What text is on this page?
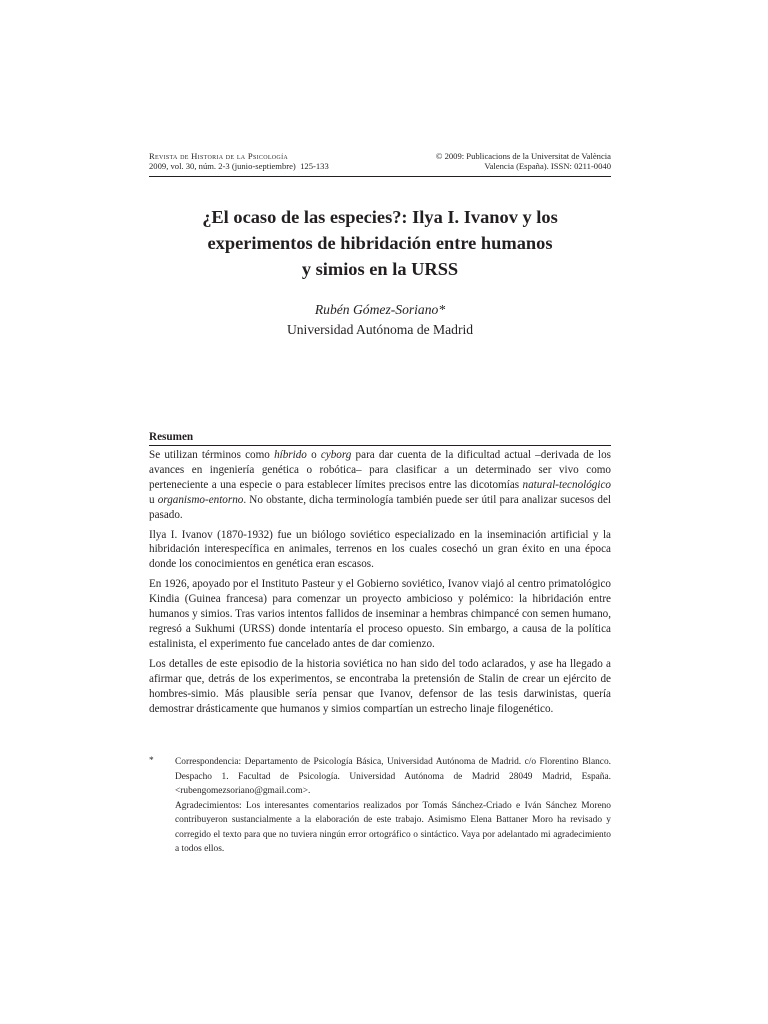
Revista de Historia de la Psicología	© 2009: Publicacions de la Universitat de València
2009, vol. 30, núm. 2-3 (junio-septiembre) 125-133	Valencia (España). ISSN: 0211-0040
¿El ocaso de las especies?: Ilya I. Ivanov y los
experimentos de hibridación entre humanos
y simios en la URSS
Rubén Gómez-Soriano*
Universidad Autónoma de Madrid
Resumen

Se utilizan términos como híbrido o cyborg para dar cuenta de la dificultad actual –derivada de los avances en ingeniería genética o robótica– para clasificar a un determinado ser vivo como perteneciente a una especie o para establecer límites precisos entre las dicotomías natural-tecnológico u organismo-entorno. No obstante, dicha terminología también puede ser útil para analizar sucesos del pasado.

Ilya I. Ivanov (1870-1932) fue un biólogo soviético especializado en la inseminación artificial y la hibridación interespecífica en animales, terrenos en los cuales cosechó un gran éxito en una época donde los conocimientos en genética eran escasos.

En 1926, apoyado por el Instituto Pasteur y el Gobierno soviético, Ivanov viajó al centro primatológico Kindia (Guinea francesa) para comenzar un proyecto ambicioso y polémico: la hibridación entre humanos y simios. Tras varios intentos fallidos de inseminar a hembras chimpancé con semen humano, regresó a Sukhumi (URSS) donde intentaría el proceso opuesto. Sin embargo, a causa de la política estalinista, el experimento fue cancelado antes de dar comienzo.

Los detalles de este episodio de la historia soviética no han sido del todo aclarados, y ase ha llegado a afirmar que, detrás de los experimentos, se encontraba la pretensión de Stalin de crear un ejército de hombres-simio. Más plausible sería pensar que Ivanov, defensor de las tesis darwinistas, quería demostrar drásticamente que humanos y simios compartían un estrecho linaje filogenético.

* Correspondencia: Departamento de Psicología Básica, Universidad Autónoma de Madrid. c/o Florentino Blanco. Despacho 1. Facultad de Psicología. Universidad Autónoma de Madrid 28049 Madrid, España. <rubengomezsoriano@gmail.com>.

Agradecimientos: Los interesantes comentarios realizados por Tomás Sánchez-Criado e Iván Sánchez Moreno contribuyeron sustancialmente a la elaboración de este trabajo. Asimismo Elena Battaner Moro ha revisado y corregido el texto para que no tuviera ningún error ortográfico o sintáctico. Vaya por adelantado mi agradecimiento a todos ellos.
